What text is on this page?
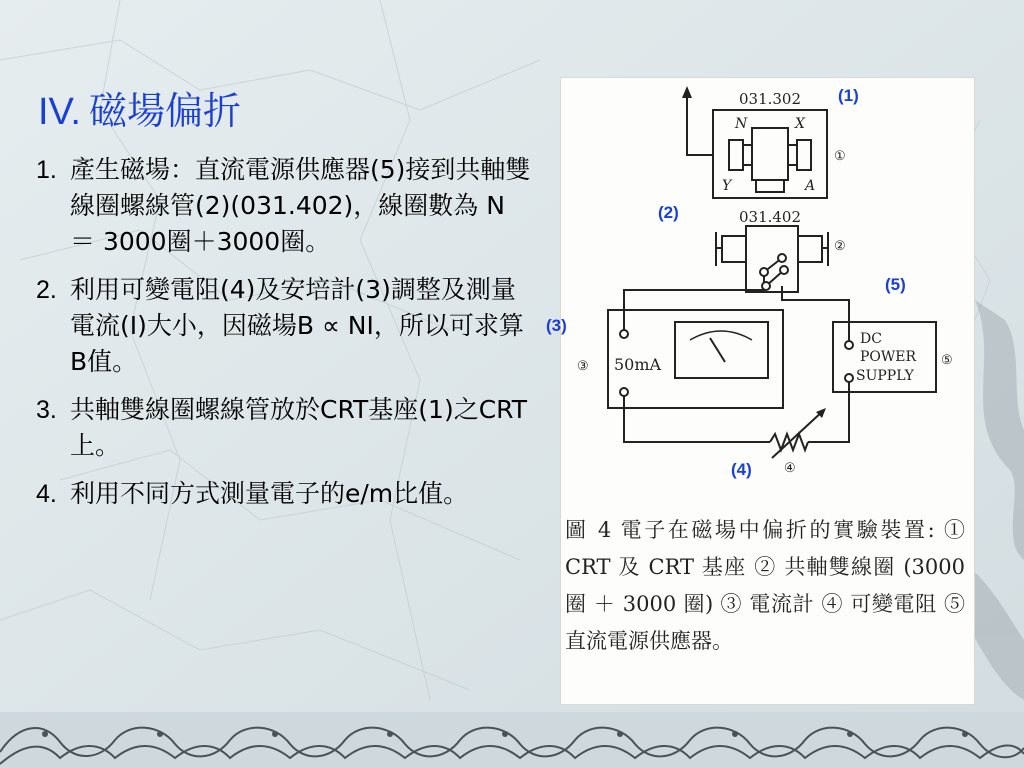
IV. 磁場偏折
1. 產生磁場：直流電源供應器(5)接到共軸雙線圈螺線管(2)(031.402)，線圈數為 N ＝ 3000圈＋3000圈。
2. 利用可變電阻(4)及安培計(3)調整及測量電流(I)大小，因磁場B ∝ NI，所以可求算B值。
3. 共軸雙線圈螺線管放於CRT基座(1)之CRT上。
4. 利用不同方式測量電子的e/m比值。
031.302
031.402
N	X
Y	A
①
②
③
④
⑤
50mA
DC
POWER
SUPPLY
(1)
(2)
(5)
(3)
(4)
圖 4 電子在磁場中偏折的實驗裝置: ① CRT 及 CRT 基座 ② 共軸雙線圈 (3000 圈 ＋ 3000 圈) ③ 電流計 ④ 可變電阻 ⑤ 直流電源供應器。
